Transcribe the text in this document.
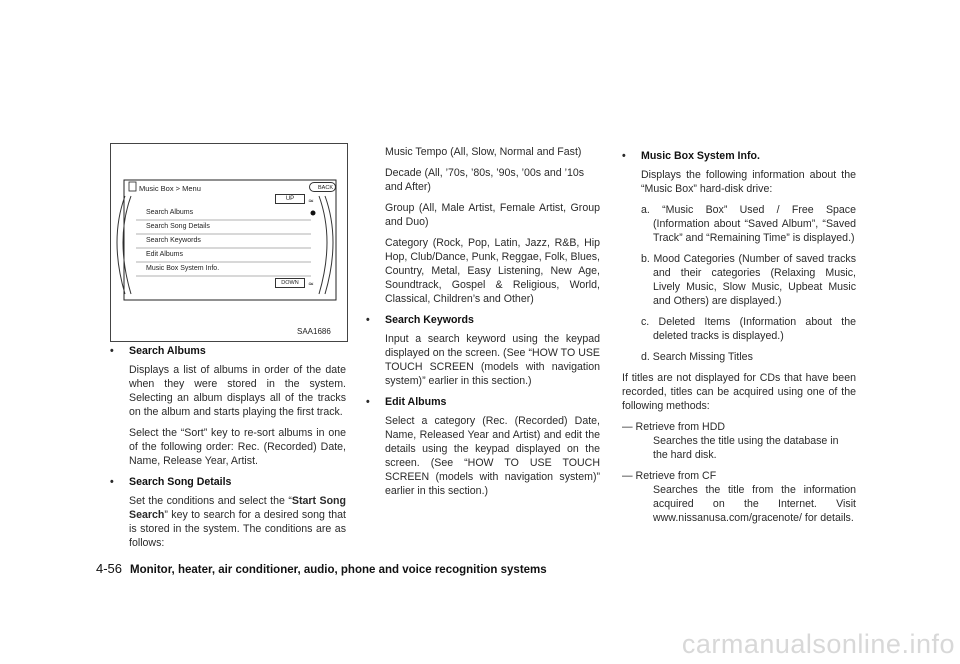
≈
≈
Music Box > Menu	BACK
UP
Search Albums
Search Song Details
Search Keywords
Edit Albums
Music Box System Info.
DOWN
SAA1686
• Search Albums

Displays a list of albums in order of the date when they were stored in the system. Selecting an album displays all of the tracks on the album and starts playing the first track.

Select the “Sort” key to re-sort albums in one of the following order: Rec. (Recorded) Date, Name, Release Year, Artist.

• Search Song Details

Set the conditions and select the “Start Song Search” key to search for a desired song that is stored in the system. The conditions are as follows:

Music Tempo (All, Slow, Normal and Fast)

Decade (All, ’70s, ’80s, ’90s, ’00s and ’10s and After)

Group (All, Male Artist, Female Artist, Group and Duo)

Category (Rock, Pop, Latin, Jazz, R&B, Hip Hop, Club/Dance, Punk, Reggae, Folk, Blues, Country, Metal, Easy Listening, New Age, Soundtrack, Gospel & Religious, World, Classical, Children’s and Other)

• Search Keywords

Input a search keyword using the keypad displayed on the screen. (See “HOW TO USE TOUCH SCREEN (models with navigation system)” earlier in this section.)

• Edit Albums

Select a category (Rec. (Recorded) Date, Name, Released Year and Artist) and edit the details using the keypad displayed on the screen. (See “HOW TO USE TOUCH SCREEN (models with navigation system)” earlier in this section.)

• Music Box System Info.

Displays the following information about the “Music Box” hard-disk drive:

a. “Music Box” Used / Free Space (Information about “Saved Album”, “Saved Track” and “Remaining Time” is displayed.)

b. Mood Categories (Number of saved tracks and their categories (Relaxing Music, Lively Music, Slow Music, Upbeat Music and Others) are displayed.)

c. Deleted Items (Information about the deleted tracks is displayed.)

d. Search Missing Titles

If titles are not displayed for CDs that have been recorded, titles can be acquired using one of the following methods:

— Retrieve from HDD
Searches the title using the database in the hard disk.
— Retrieve from CF
Searches the title from the information acquired on the Internet. Visit www.nissanusa.com/gracenote/ for details.
4-56 Monitor, heater, air conditioner, audio, phone and voice recognition systems
carmanualsonline.info
